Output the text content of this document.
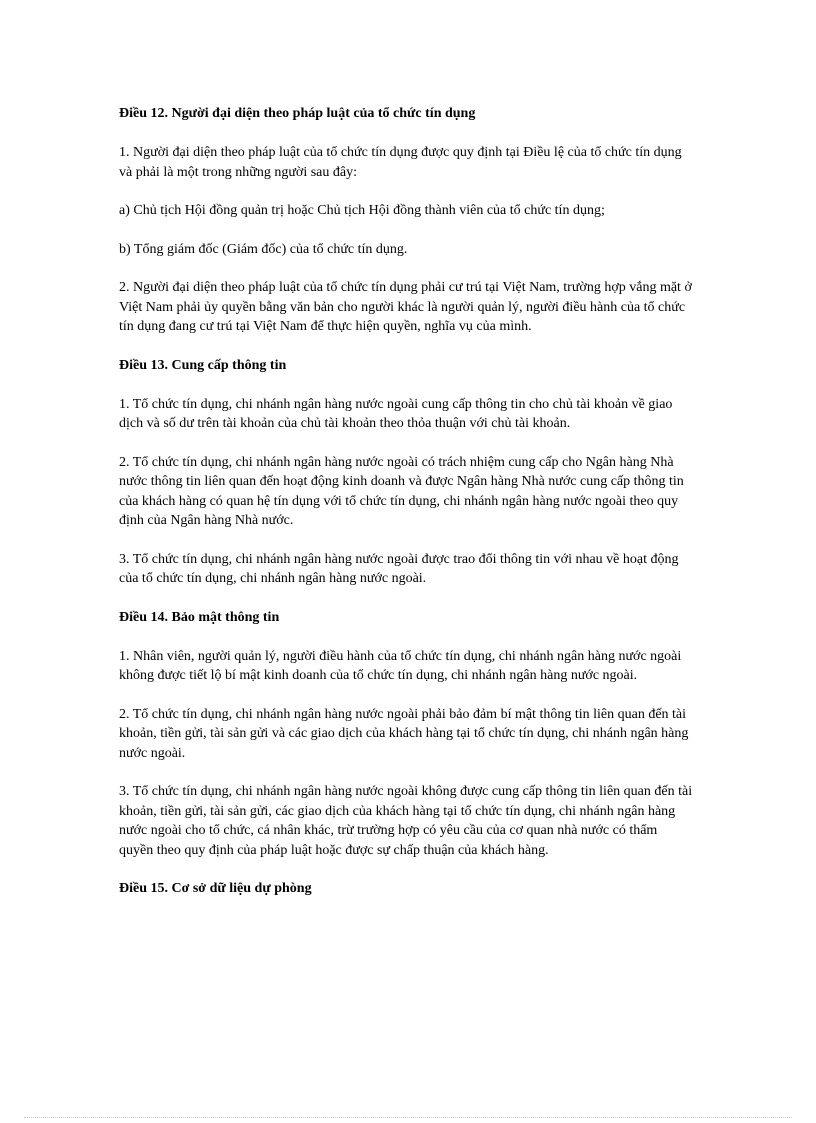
Điều 12. Người đại diện theo pháp luật của tổ chức tín dụng

1. Người đại diện theo pháp luật của tổ chức tín dụng được quy định tại Điều lệ của tổ chức tín dụng và phải là một trong những người sau đây:

a) Chủ tịch Hội đồng quản trị hoặc Chủ tịch Hội đồng thành viên của tổ chức tín dụng;

b) Tổng giám đốc (Giám đốc) của tổ chức tín dụng.

2. Người đại diện theo pháp luật của tổ chức tín dụng phải cư trú tại Việt Nam, trường hợp vắng mặt ở Việt Nam phải ủy quyền bằng văn bản cho người khác là người quản lý, người điều hành của tổ chức tín dụng đang cư trú tại Việt Nam để thực hiện quyền, nghĩa vụ của mình.

Điều 13. Cung cấp thông tin

1. Tổ chức tín dụng, chi nhánh ngân hàng nước ngoài cung cấp thông tin cho chủ tài khoản về giao dịch và số dư trên tài khoản của chủ tài khoản theo thỏa thuận với chủ tài khoản.

2. Tổ chức tín dụng, chi nhánh ngân hàng nước ngoài có trách nhiệm cung cấp cho Ngân hàng Nhà nước thông tin liên quan đến hoạt động kinh doanh và được Ngân hàng Nhà nước cung cấp thông tin của khách hàng có quan hệ tín dụng với tổ chức tín dụng, chi nhánh ngân hàng nước ngoài theo quy định của Ngân hàng Nhà nước.

3. Tổ chức tín dụng, chi nhánh ngân hàng nước ngoài được trao đổi thông tin với nhau về hoạt động của tổ chức tín dụng, chi nhánh ngân hàng nước ngoài.

Điều 14. Bảo mật thông tin

1. Nhân viên, người quản lý, người điều hành của tổ chức tín dụng, chi nhánh ngân hàng nước ngoài không được tiết lộ bí mật kinh doanh của tổ chức tín dụng, chi nhánh ngân hàng nước ngoài.

2. Tổ chức tín dụng, chi nhánh ngân hàng nước ngoài phải bảo đảm bí mật thông tin liên quan đến tài khoản, tiền gửi, tài sản gửi và các giao dịch của khách hàng tại tổ chức tín dụng, chi nhánh ngân hàng nước ngoài.

3. Tổ chức tín dụng, chi nhánh ngân hàng nước ngoài không được cung cấp thông tin liên quan đến tài khoản, tiền gửi, tài sản gửi, các giao dịch của khách hàng tại tổ chức tín dụng, chi nhánh ngân hàng nước ngoài cho tổ chức, cá nhân khác, trừ trường hợp có yêu cầu của cơ quan nhà nước có thẩm quyền theo quy định của pháp luật hoặc được sự chấp thuận của khách hàng.

Điều 15. Cơ sở dữ liệu dự phòng
